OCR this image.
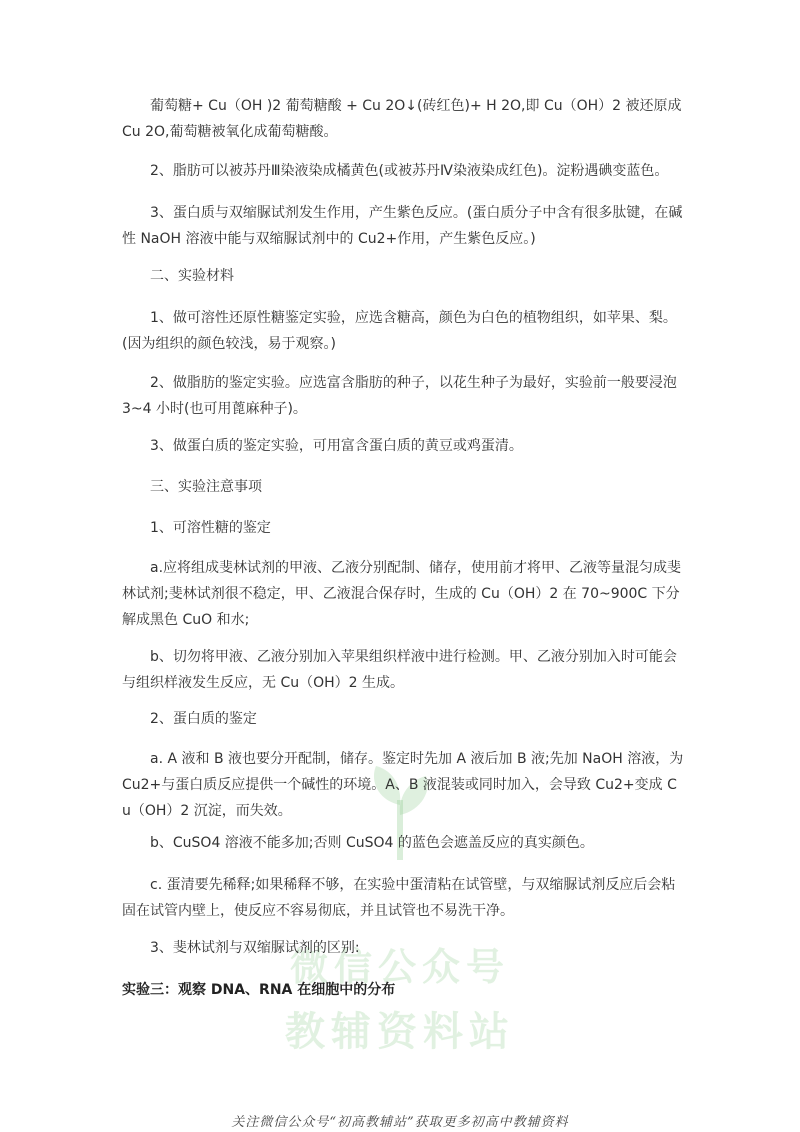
微信公众号
教辅资料站

葡萄糖+ Cu（OH )2 葡萄糖酸 + Cu 2O↓(砖红色)+ H 2O,即 Cu（OH）2 被还原成 Cu 2O,葡萄糖被氧化成葡萄糖酸。

2、脂肪可以被苏丹Ⅲ染液染成橘黄色(或被苏丹Ⅳ染液染成红色)。淀粉遇碘变蓝色。

3、蛋白质与双缩脲试剂发生作用，产生紫色反应。(蛋白质分子中含有很多肽键，在碱性 NaOH 溶液中能与双缩脲试剂中的 Cu2+作用，产生紫色反应。)

二、实验材料

1、做可溶性还原性糖鉴定实验，应选含糖高，颜色为白色的植物组织，如苹果、梨。(因为组织的颜色较浅，易于观察。)

2、做脂肪的鉴定实验。应选富含脂肪的种子，以花生种子为最好，实验前一般要浸泡3~4 小时(也可用蓖麻种子)。

3、做蛋白质的鉴定实验，可用富含蛋白质的黄豆或鸡蛋清。

三、实验注意事项

1、可溶性糖的鉴定

a.应将组成斐林试剂的甲液、乙液分别配制、储存，使用前才将甲、乙液等量混匀成斐林试剂;斐林试剂很不稳定，甲、乙液混合保存时，生成的 Cu（OH）2 在 70~900C 下分解成黑色 CuO 和水;

b、切勿将甲液、乙液分别加入苹果组织样液中进行检测。甲、乙液分别加入时可能会与组织样液发生反应，无 Cu（OH）2 生成。

2、蛋白质的鉴定

a. A 液和 B 液也要分开配制，储存。鉴定时先加 A 液后加 B 液;先加 NaOH 溶液，为 Cu2+与蛋白质反应提供一个碱性的环境。A、B 液混装或同时加入，会导致 Cu2+变成 Cu（OH）2 沉淀，而失效。

b、CuSO4 溶液不能多加;否则 CuSO4 的蓝色会遮盖反应的真实颜色。

c. 蛋清要先稀释;如果稀释不够，在实验中蛋清粘在试管壁，与双缩脲试剂反应后会粘固在试管内壁上，使反应不容易彻底，并且试管也不易洗干净。

3、斐林试剂与双缩脲试剂的区别:

实验三：观察 DNA、RNA 在细胞中的分布

关注微信公众号“初高教辅站”获取更多初高中教辅资料
